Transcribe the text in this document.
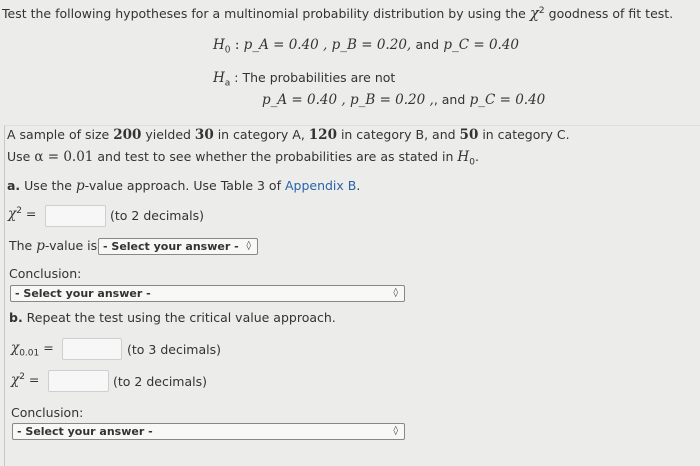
Test the following hypotheses for a multinomial probability distribution by using the $\chi^2$ goodness of fit test.
$H_0$ : p_A = 0.40 , p_B = 0.20, and p_C = 0.40
$H_a$ : The probabilities are not
p_A = 0.40 , p_B = 0.20 ,, and p_C = 0.40
A sample of size 200 yielded 30 in category A, 120 in category B, and 50 in category C.
Use α = 0.01 and test to see whether the probabilities are as stated in $H_0$.
a. Use the p-value approach. Use Table 3 of Appendix B.
$\chi^2$ =	(to 2 decimals)
The p-value is - Select your answer - ◊
Conclusion:
- Select your answer -	◊
b. Repeat the test using the critical value approach.
$\chi_{0.01}$ =	(to 3 decimals)
$\chi^2$ =	(to 2 decimals)
Conclusion:
- Select your answer -	◊
